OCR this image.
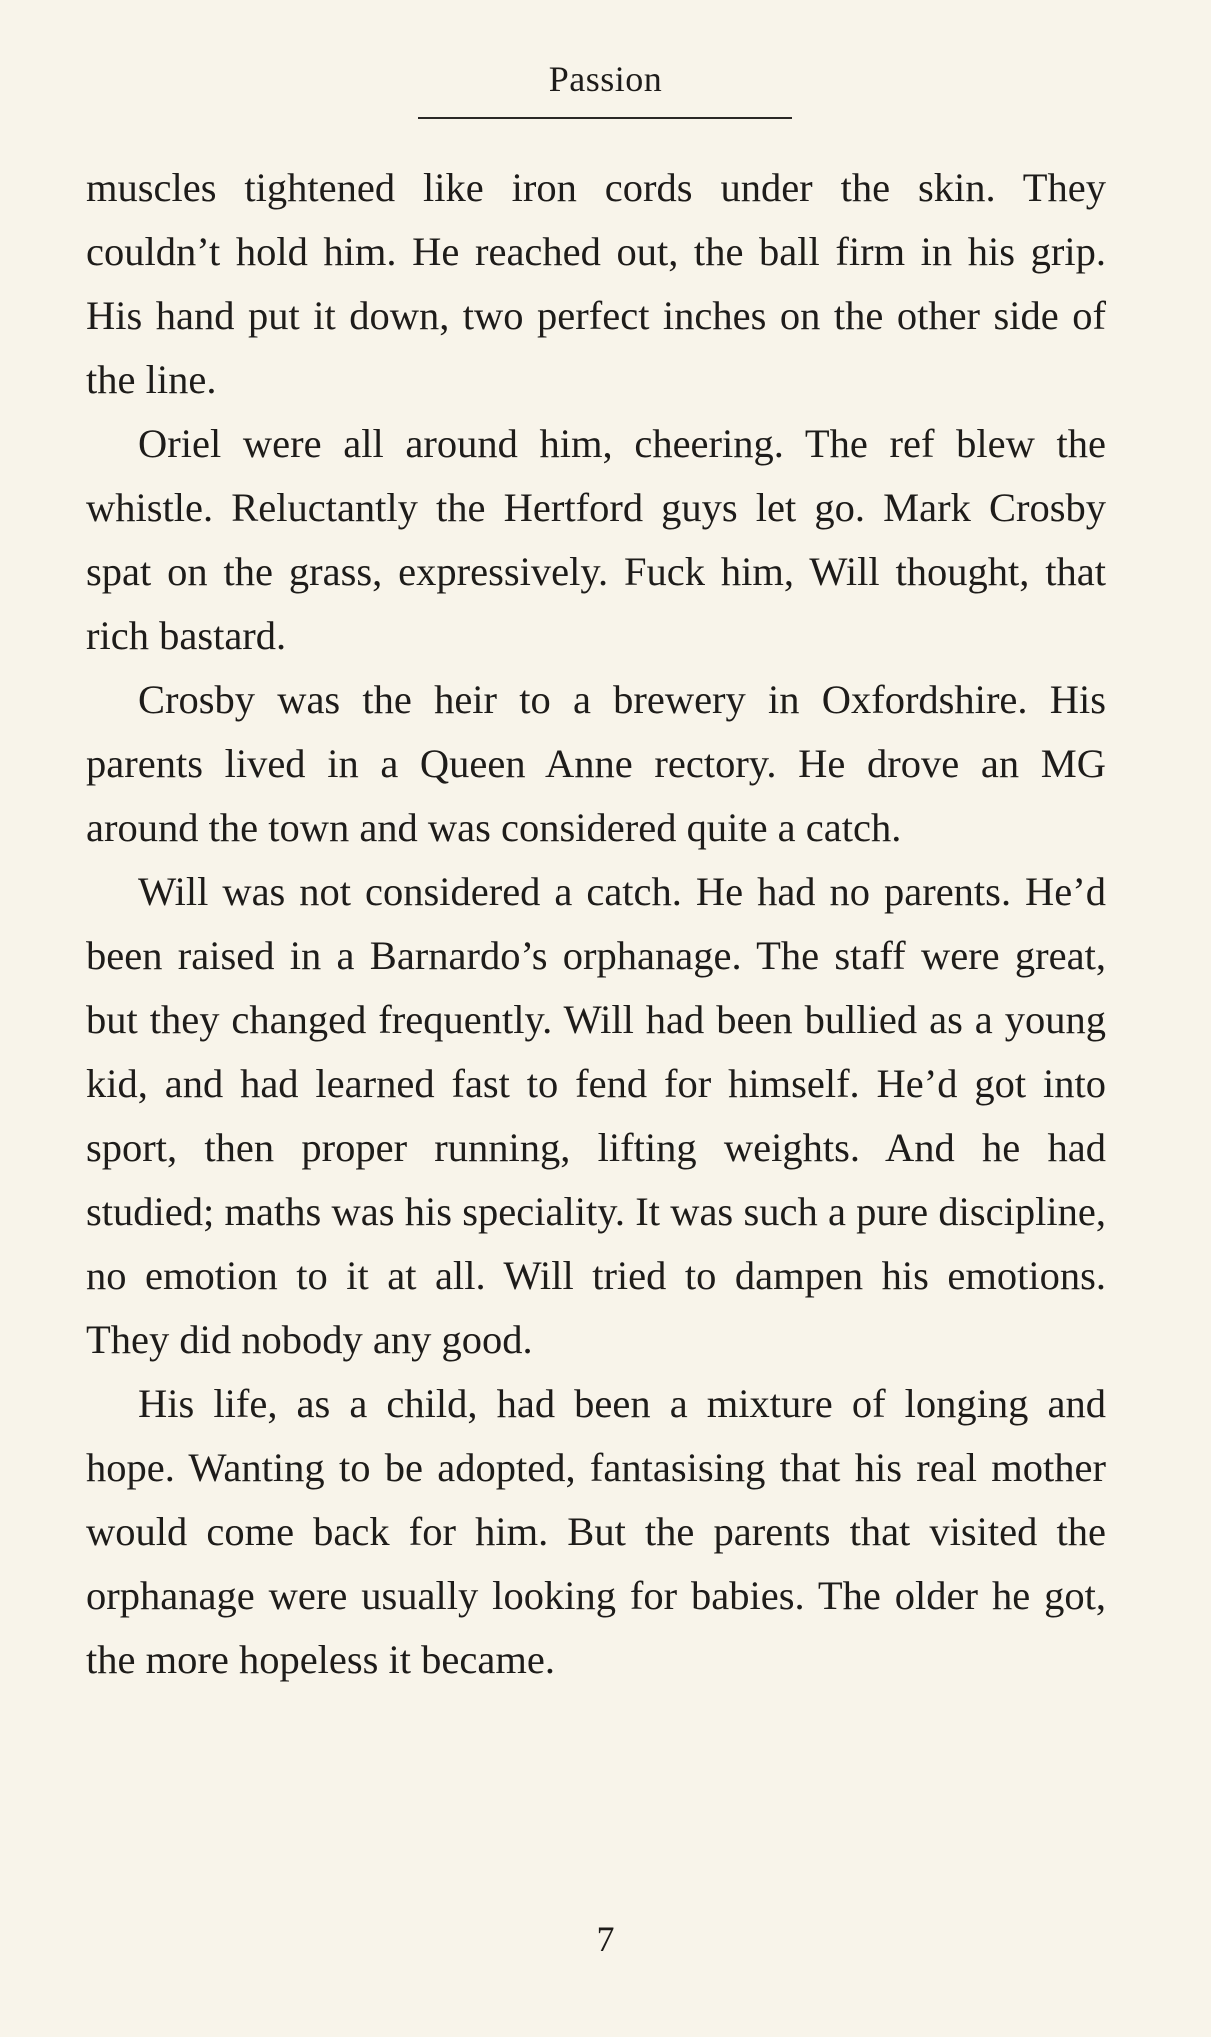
Passion

muscles tightened like iron cords under the skin. They couldn’t hold him. He reached out, the ball firm in his grip. His hand put it down, two perfect inches on the other side of the line.

Oriel were all around him, cheering. The ref blew the whistle. Reluctantly the Hertford guys let go. Mark Crosby spat on the grass, expressively. Fuck him, Will thought, that rich bastard.

Crosby was the heir to a brewery in Oxfordshire. His parents lived in a Queen Anne rectory. He drove an MG around the town and was considered quite a catch.

Will was not considered a catch. He had no parents. He’d been raised in a Barnardo’s orphanage. The staff were great, but they changed frequently. Will had been bullied as a young kid, and had learned fast to fend for himself. He’d got into sport, then proper running, lifting weights. And he had studied; maths was his speciality. It was such a pure discipline, no emotion to it at all. Will tried to dampen his emotions. They did nobody any good.

His life, as a child, had been a mixture of longing and hope. Wanting to be adopted, fantasising that his real mother would come back for him. But the parents that visited the orphanage were usually looking for babies. The older he got, the more hopeless it became.

7
